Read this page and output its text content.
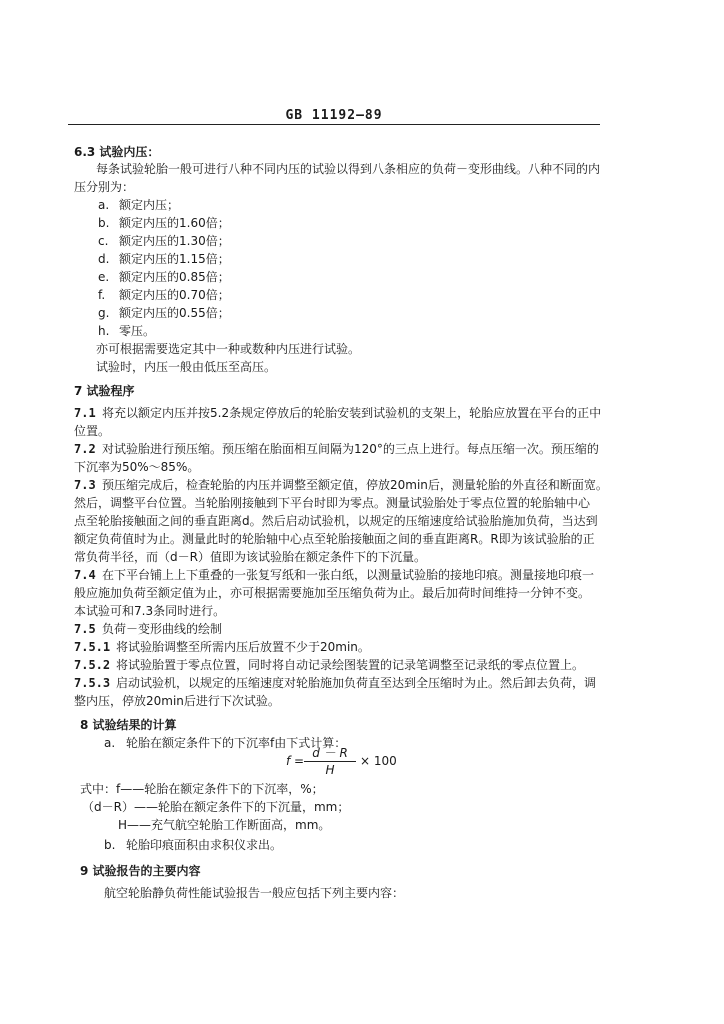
GB 11192—89
6.3 试验内压：
每条试验轮胎一般可进行八种不同内压的试验以得到八条相应的负荷－变形曲线。八种不同的内
压分别为：
a. 额定内压；
b. 额定内压的1.60倍；
c. 额定内压的1.30倍；
d. 额定内压的1.15倍；
e. 额定内压的0.85倍；
f. 额定内压的0.70倍；
g. 额定内压的0.55倍；
h. 零压。
亦可根据需要选定其中一种或数种内压进行试验。
试验时，内压一般由低压至高压。
7 试验程序
7.1 将充以额定内压并按5.2条规定停放后的轮胎安装到试验机的支架上，轮胎应放置在平台的正中
位置。
7.2 对试验胎进行预压缩。预压缩在胎面相互间隔为120°的三点上进行。每点压缩一次。预压缩的
下沉率为50%～85%。
7.3 预压缩完成后，检查轮胎的内压并调整至额定值，停放20min后，测量轮胎的外直径和断面宽。
然后，调整平台位置。当轮胎刚接触到下平台时即为零点。测量试验胎处于零点位置的轮胎轴中心
点至轮胎接触面之间的垂直距离d。然后启动试验机，以规定的压缩速度给试验胎施加负荷，当达到
额定负荷值时为止。测量此时的轮胎轴中心点至轮胎接触面之间的垂直距离R。R即为该试验胎的正
常负荷半径，而（d－R）值即为该试验胎在额定条件下的下沉量。
7.4 在下平台铺上上下重叠的一张复写纸和一张白纸，以测量试验胎的接地印痕。测量接地印痕一
般应施加负荷至额定值为止，亦可根据需要施加至压缩负荷为止。最后加荷时间维持一分钟不变。
本试验可和7.3条同时进行。
7.5 负荷－变形曲线的绘制
7.5.1 将试验胎调整至所需内压后放置不少于20min。
7.5.2 将试验胎置于零点位置，同时将自动记录绘图装置的记录笔调整至记录纸的零点位置上。
7.5.3 启动试验机，以规定的压缩速度对轮胎施加负荷直至达到全压缩时为止。然后卸去负荷，调
整内压，停放20min后进行下次试验。
8 试验结果的计算
a. 轮胎在额定条件下的下沉率f由下式计算：
f =
d － R
H
× 100
式中：f——轮胎在额定条件下的下沉率，%；
（d－R）——轮胎在额定条件下的下沉量，mm；
H——充气航空轮胎工作断面高，mm。
b. 轮胎印痕面积由求积仪求出。
9 试验报告的主要内容
航空轮胎静负荷性能试验报告一般应包括下列主要内容：
